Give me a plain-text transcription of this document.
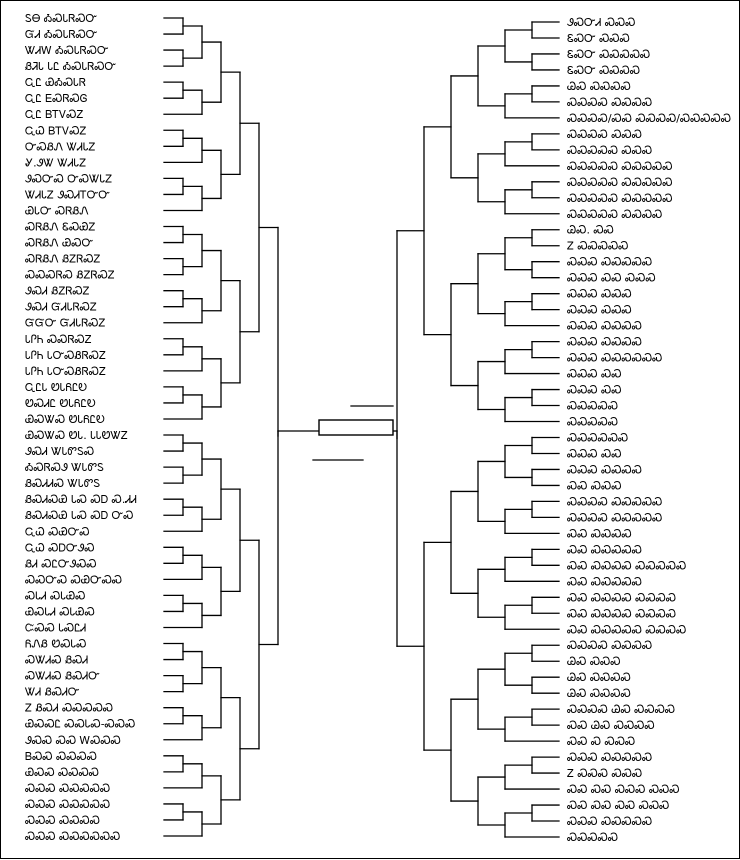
ᏚᎾ ᎣᏍᏓᏒᏍᏅ
ᏳᏗ ᎣᏍᏓᏒᏍᏅ
ᏔᏗᎳ ᎣᏍᏓᏒᏍᏅ
ᏰᏘᏓ ᏓᏝ ᎣᏍᏓᏒᏍᏅ
ᏩᏝ ᏯᎣᏍᏓᏒ
ᏩᏝ ᎬᏍᏒᏍᎶ
ᏩᏝ ᏴᎢᏙᏍᏃ
ᏩᏇ ᏴᎢᏙᏍᏃ
ᏅᏍᏰᏁ ᏔᏗᏓᏃ
Ꮍ.ᏭᏔ ᏔᏗᏓᏃ
ᏭᏍᏅᏍ ᏅᏍᏔᏓᏃ
ᏔᏗᏓᏃ ᏭᏍᏗᎢᏅᏅ
ᏯᏓᏅ ᏍᏒᏰᏁ
ᏍᏒᏰᏁ ᏋᏍᏯᏃ
ᏍᏒᏰᏁ ᏯᏍᏅ
ᏍᏒᏰᏁ ᏰᏃᏒᏍᏃ
ᏍᏍᏍᏒᏍ ᏰᏃᏒᏍᏃ
ᏭᏍᏗ ᏰᏃᏒᏍᏃ
ᏭᏍᏗ ᏳᏗᏓᏒᏍᏃ
ᏳᏳᏅ ᏳᏗᏓᏒᏍᏃ
ᏓᎵᏂ ᏍᏍᏒᏍᏃ
ᏓᎵᏂ ᏓᏅᏍᏰᏒᏍᏃ
ᏓᎵᏂ ᏓᏅᏍᏰᏒᏍᏃ
ᏩᏝᏓ ᏬᏓᏲᏝᎧ
ᏬᏍᏗᏝ ᏬᏓᏲᏝᎧ
ᏯᏍᏔᏍ ᏬᏓᏲᏝᎧ
ᏯᏍᏔᏍ ᏬᏓ. ᏓᏓᏬᏔᏃ
ᏭᏍᏗ ᏔᏓᏛᏚᏍ
ᎣᏍᏒᏍᏭ ᏔᏓᏛᏚ
ᏰᏍᏗᏗᏍ ᏔᏓᏛᏚ
ᏰᏍᏗᏍᏯ ᏓᏍ ᏍᎠ Ꮝ.ᏗᏗ
ᏰᏍᏗᏍᏯ ᏓᏍ ᏍᎠ ᏅᏍ
ᏩᏇ ᏍᏯᏅᏍ
ᏩᏇ ᏍᎠᏅᏭᏍ
ᏰᏗ ᏍᏝᏅᏭᏍᏍ
ᏍᏍᏅᏍ ᏍᏯᏅᏍᏍ
ᏍᏓᏗ ᏍᏓᏯᏍ
ᏯᏍᏓᏗ ᏍᏓᏯᏍ
ᏨᏍᏍ ᏓᏍᏝᏗ
ᏲᏁᏰ ᏬᏍᏓᏍ
ᏍᏔᏗᏍ ᏰᏍᏗ
ᏍᏔᏗᏍ ᏰᏍᏗᏅ
ᏔᏗ ᏰᏍᏗᏅ
Ꮓ ᏰᏍᏗ ᏍᏍᏍᏍᏍ
ᏯᏍᏍᏝ ᏍᏍᏓᏍ-ᏍᏍᏍ
ᏭᏍᏍ ᏍᏍ ᎳᏍᏍᏍ
ᏴᏍᏍ ᏍᏍᏍᏍ
ᏯᏍᏍ ᏍᏍᏍᏍ
ᏍᏍᏍ ᏍᏍᏍᏍᏍ
ᏍᏍᏍ ᏍᏍᏍᏍᏍ
ᏍᏍᏍ ᏍᏍᏍᏍ
ᏍᏍᏍ ᏍᏍᏍᏍᏍᏍ
ᏭᏍᏅᏗ ᏍᏍᏍ
ᏋᏍᏅ ᏍᏍᏍ
ᏋᏍᏅ ᏍᏍᏍᏍᏍ
ᏋᏍᏅ ᏍᏍᏍᏍ
ᏊᏍ ᏍᏍᏍᏍ
ᏍᏍᏍᏍ ᏍᏍᏍᏍ
ᏍᏍᏍᏍ/ᏍᏍ ᏍᏍᏍᏍ/ᏍᏍᏍᏍᏍ
ᏍᏍᏍᏍ ᏍᏍᏍ
ᏍᏍᏍᏍᏍ ᏍᏍᏍ
ᏍᏍᏍᏍᏍ ᏍᏍᏍᏍᏍ
ᏍᏍᏍᏍᏍ ᏍᏍᏍᏍᏍ
ᏍᏍᏍᏍᏍ ᏍᏍᏍᏍᏍ
ᏍᏍᏍᏍᏍ ᏍᏍᏍᏍ
ᏊᏍ. ᏍᏍ
Ꮓ ᏍᏍᏍᏍᏍ
ᏍᏍᏍ ᏍᏍᏍᏍᏍ
ᏍᏍᏍ ᏍᏍ ᏍᏍᏍ
ᏍᏍᏍ ᏍᏍᏍ
ᏍᏍᏍ ᏍᏍᏍ
ᏍᏍᏍ ᏍᏍᏍᏍ
ᏍᏍᏍ ᏍᏍᏍᏍ
ᏍᏍᏍ ᏍᏍᏍᏍᏍᏍ
ᏍᏍᏍ ᏍᏍ
ᏍᏍᏍ ᏍᏍ
ᏍᏍᏍᏍᏍ
ᏍᏍᏍᏍᏍ
ᏍᏍᏍᏍᏍᏍ
ᏍᏍᏍ ᏍᏍ
ᏍᏍᏍ ᏍᏍᏍᏍ
ᏍᏍ ᏍᏍᏍ
ᏍᏍᏍᏍ ᏍᏍᏍᏍᏍ
ᏍᏍᏍᏍ ᏍᏍᏍᏍᏍ
ᏍᏍ ᏍᏍᏍᏍ
ᏍᏍ ᏍᏍᏍᏍᏍ
ᏍᏍ ᏍᏍᏍᏍ ᏍᏍᏍᏍᏍ
ᏍᏍ ᏍᏍᏍᏍᏍ
ᏍᏍ ᏍᏍᏍᏍ ᏍᏍᏍᏍ
ᏍᏍ ᏍᏍᏍᏍ ᏍᏍᏍᏍ
ᏍᏍ ᏍᏍᏍᏍᏍ ᏍᏍᏍᏍ
ᏍᏍᏍᏍ ᏍᏍᏍᏍ
ᏊᏍ ᏍᏍᏍ
ᏊᏍ ᏍᏍᏍᏍ
ᏊᏍ ᏍᏍᏍᏍ
ᏍᏍᏍᏍ ᏊᏍ ᏍᏍᏍᏍ
ᏍᏍ ᏊᏍ ᏍᏍᏍᏍ
ᏍᏍ Ꮝ ᏍᏍᏍ
ᏍᏍᏍ ᏍᏍᏍᏍᏍ
Ꮓ ᏍᏍᏍ ᏍᏍᏍ
ᏍᏍ ᏍᏍ ᏍᏍᏍ ᏍᏍᏍ
ᏍᏍ ᏍᏍ ᏍᏍ ᏍᏍᏍ
ᏍᏍᏍ ᏍᏍᏍᏍᏍ
ᏍᏍᏍᏍᏍ
